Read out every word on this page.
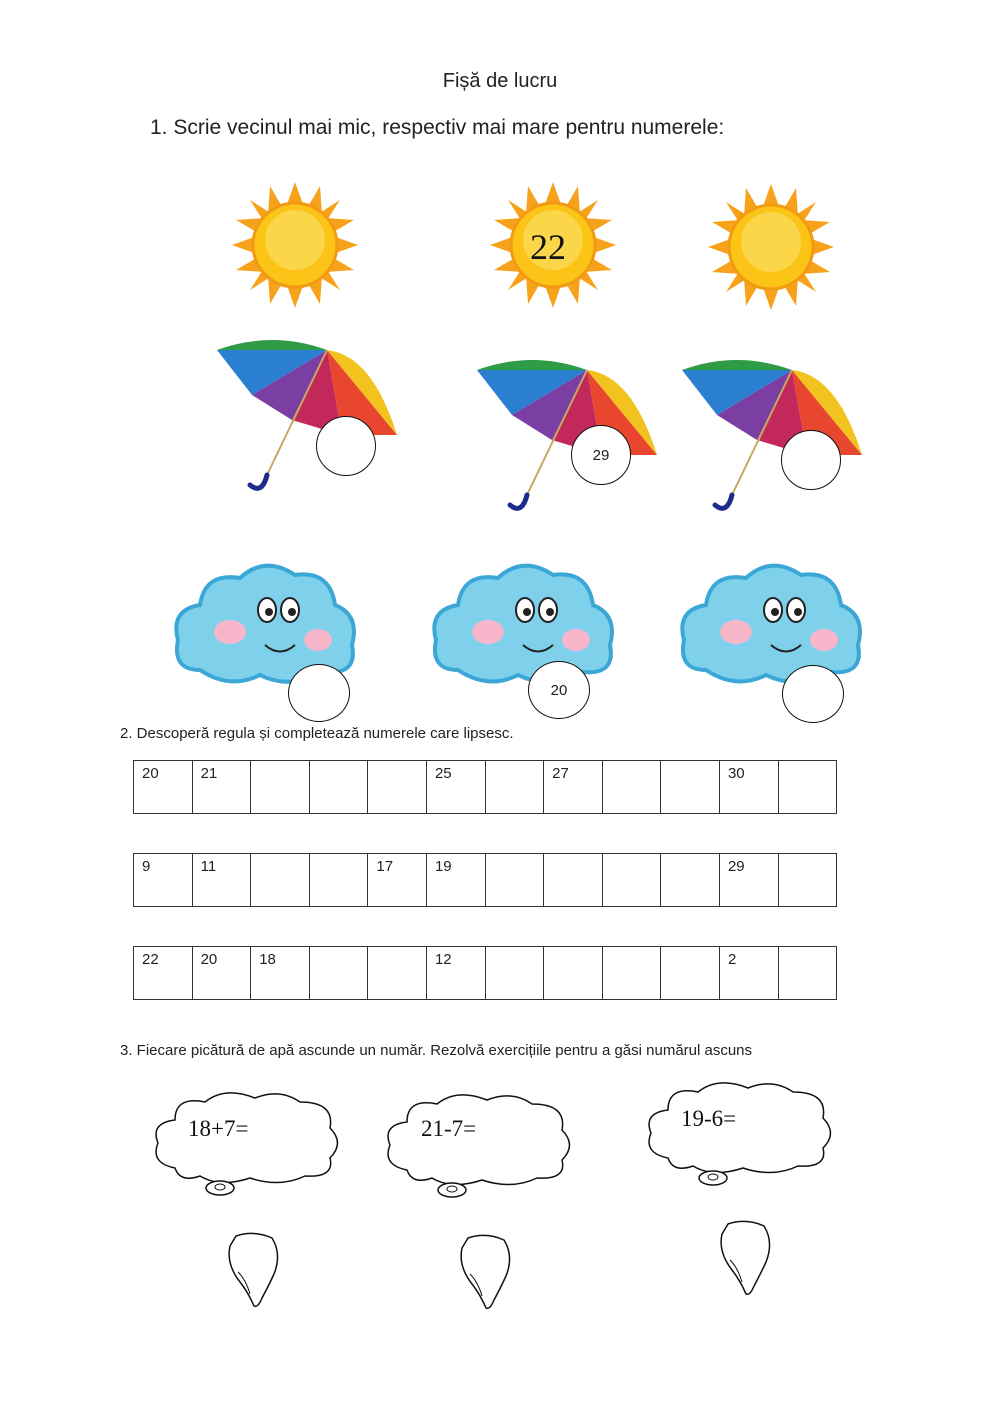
Fișă de lucru
1. Scrie vecinul mai mic, respectiv mai mare pentru numerele:
22
29
20
2. Descoperă regula și completează numerele care lipsesc.
20	21				25		27			30	
9	11			17	19					29	
22	20	18			12					2	
3. Fiecare picătură de apă ascunde un număr. Rezolvă exercițiile pentru a găsi numărul ascuns
18+7=	21-7=	19-6=
